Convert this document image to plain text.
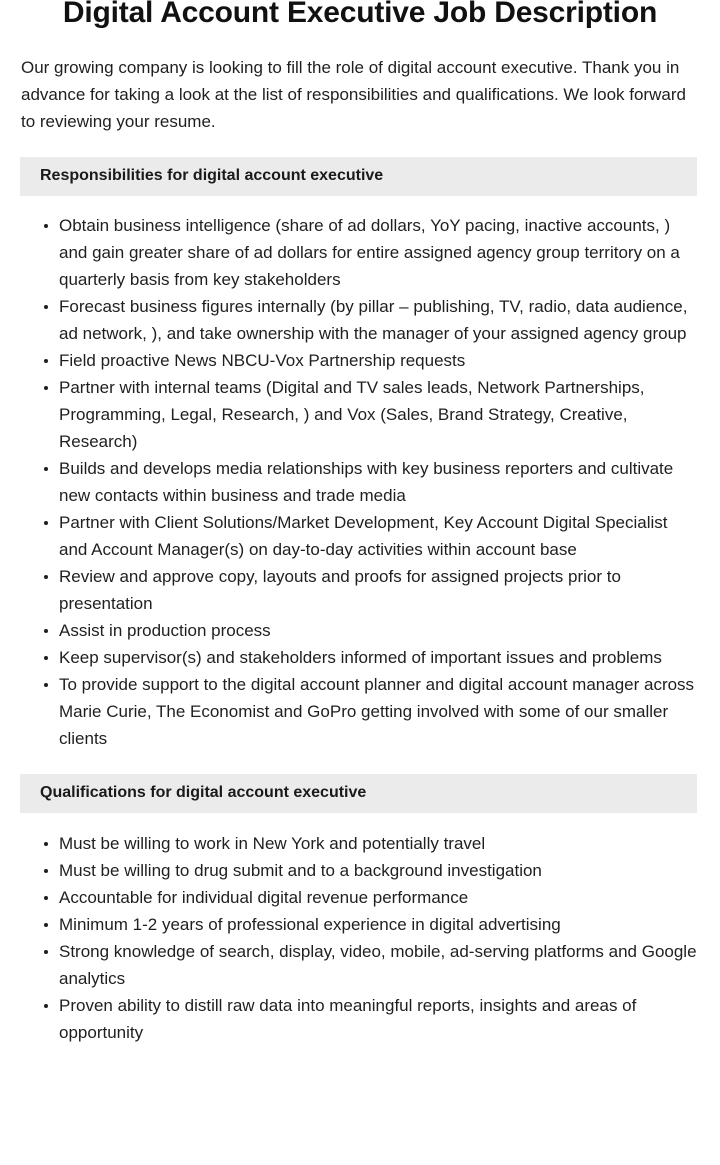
Digital Account Executive Job Description

Our growing company is looking to fill the role of digital account executive. Thank you in advance for taking a look at the list of responsibilities and qualifications. We look forward to reviewing your resume.

Responsibilities for digital account executive
Obtain business intelligence (share of ad dollars, YoY pacing, inactive accounts, ) and gain greater share of ad dollars for entire assigned agency group territory on a quarterly basis from key stakeholders
Forecast business figures internally (by pillar – publishing, TV, radio, data audience, ad network, ), and take ownership with the manager of your assigned agency group
Field proactive News NBCU-Vox Partnership requests
Partner with internal teams (Digital and TV sales leads, Network Partnerships, Programming, Legal, Research, ) and Vox (Sales, Brand Strategy, Creative, Research)
Builds and develops media relationships with key business reporters and cultivate new contacts within business and trade media
Partner with Client Solutions/Market Development, Key Account Digital Specialist and Account Manager(s) on day-to-day activities within account base
Review and approve copy, layouts and proofs for assigned projects prior to presentation
Assist in production process
Keep supervisor(s) and stakeholders informed of important issues and problems
To provide support to the digital account planner and digital account manager across Marie Curie, The Economist and GoPro getting involved with some of our smaller clients
Qualifications for digital account executive
Must be willing to work in New York and potentially travel
Must be willing to drug submit and to a background investigation
Accountable for individual digital revenue performance
Minimum 1-2 years of professional experience in digital advertising
Strong knowledge of search, display, video, mobile, ad-serving platforms and Google analytics
Proven ability to distill raw data into meaningful reports, insights and areas of opportunity
